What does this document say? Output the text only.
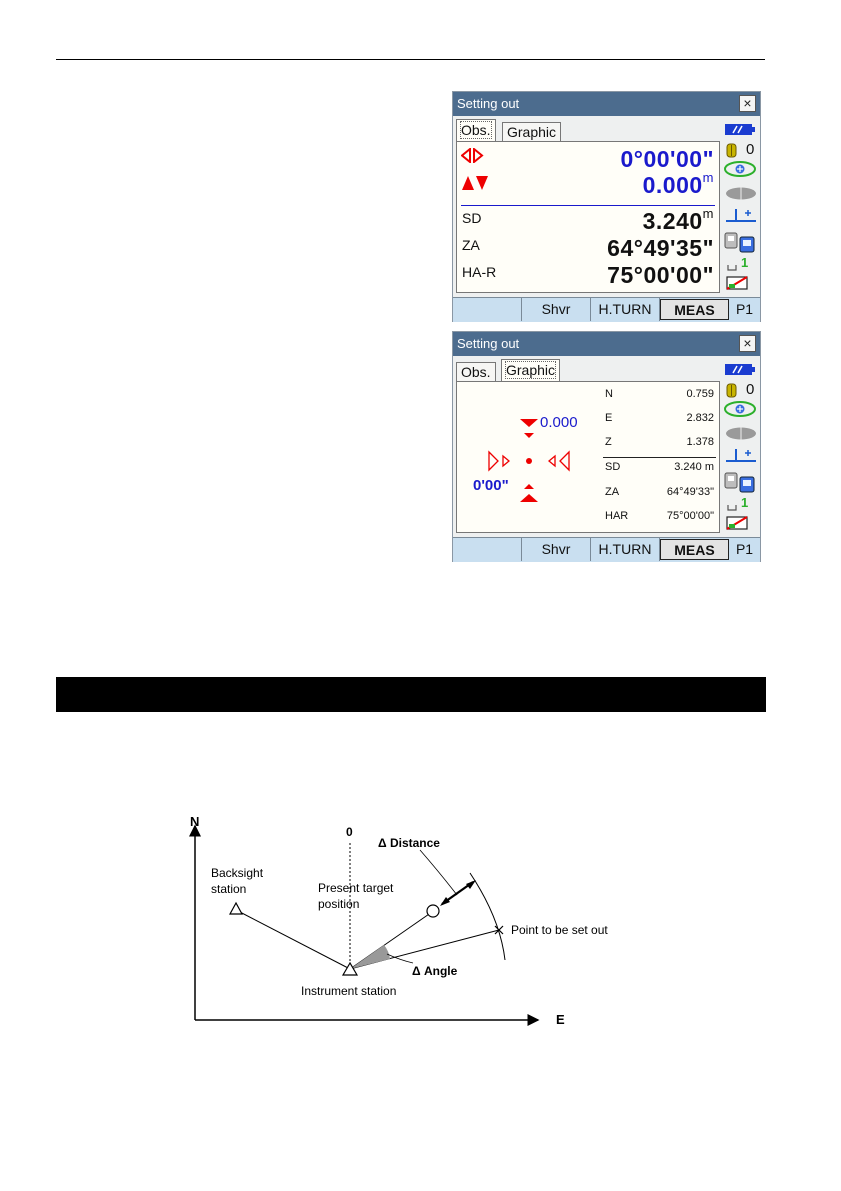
Setting out	×
Obs.	Graphic
0°00'00"
0.000$^m$
SD	3.240$^m$
ZA	64°49'35"
HA-R	75°00'00"
0
1
Shvr	H.TURN	MEAS	P1
Setting out	×
Obs.	Graphic
0.000
0'00"
N	0.759
E	2.832
Z	1.378
SD	3.240 m
ZA	64°49'33"
HAR	75°00'00"
0
1
Shvr	H.TURN	MEAS	P1
N
E
0
Δ Distance
Δ Angle
Backsight
station	Present target
position
Point to be set out
Instrument station
